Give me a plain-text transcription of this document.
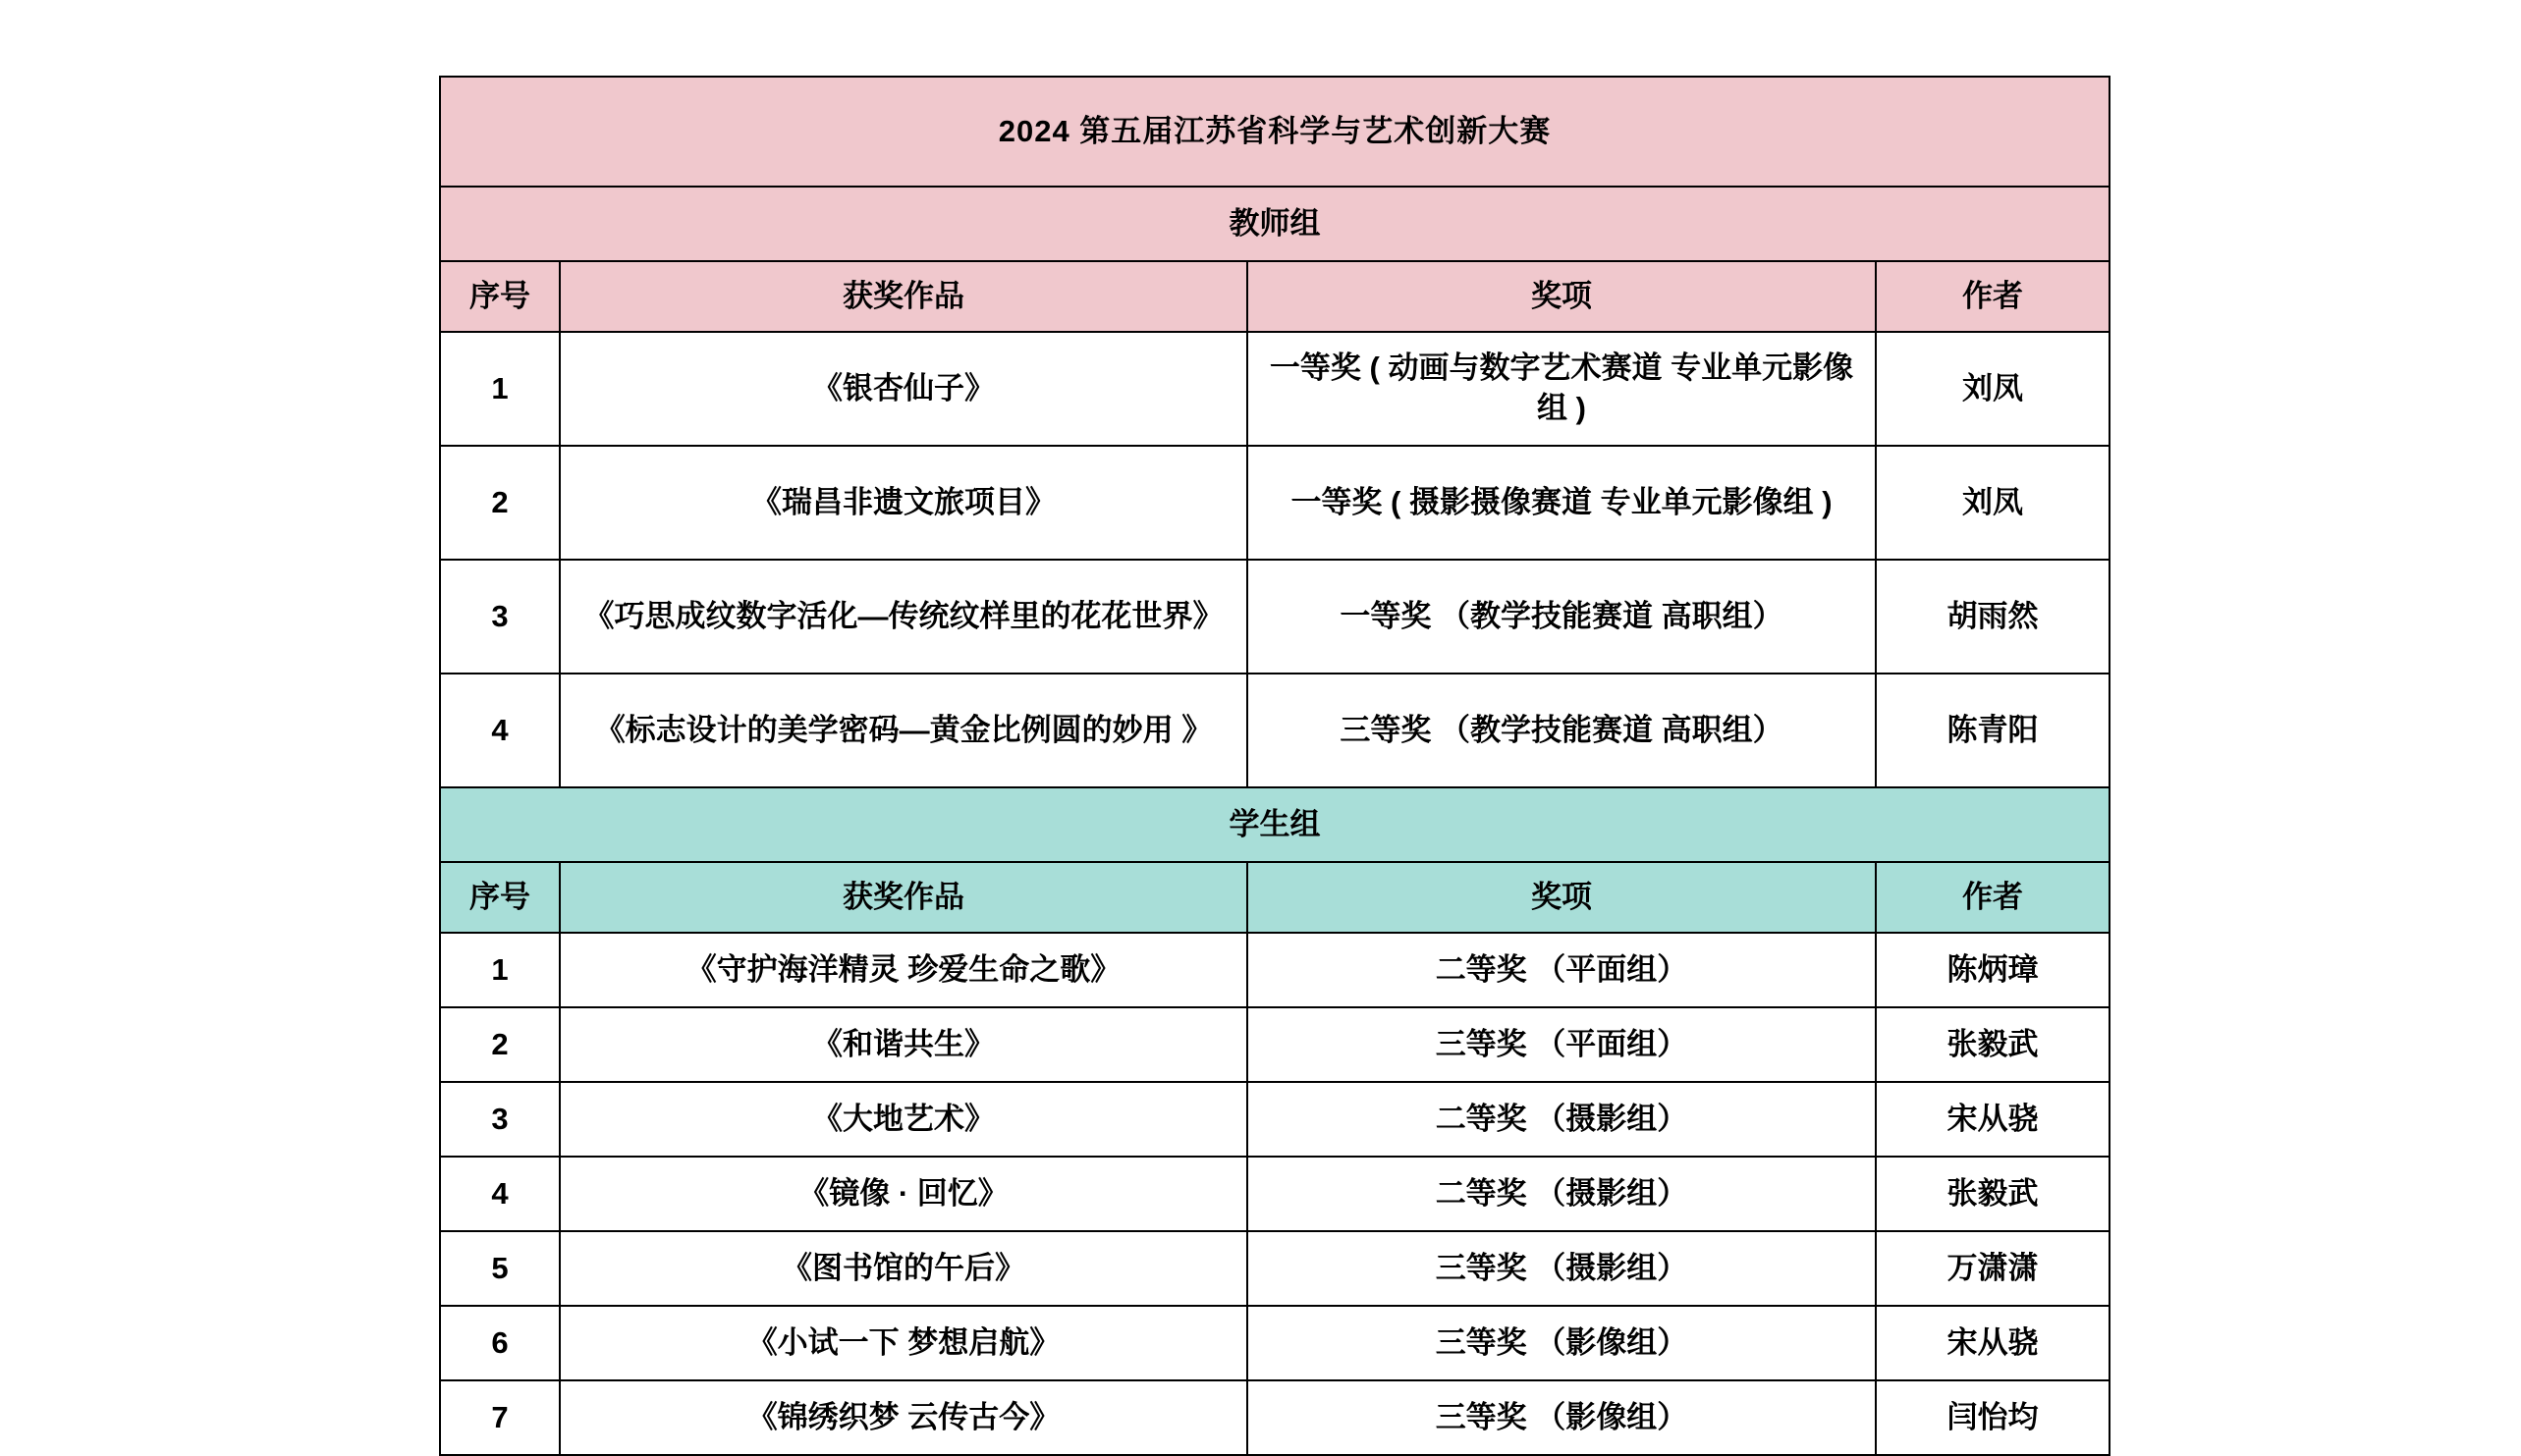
2024 第五届江苏省科学与艺术创新大赛			
教师组			
序号	获奖作品	奖项	作者
1	《银杏仙子》	一等奖 ( 动画与数字艺术赛道 专业单元影像组 )	刘凤
2	《瑞昌非遗文旅项目》	一等奖 ( 摄影摄像赛道 专业单元影像组 )	刘凤
3	《巧思成纹数字活化—传统纹样里的花花世界》	一等奖 （教学技能赛道 高职组）	胡雨然
4	《标志设计的美学密码—黄金比例圆的妙用 》	三等奖 （教学技能赛道 高职组）	陈青阳
学生组			
序号	获奖作品	奖项	作者
1	《守护海洋精灵 珍爱生命之歌》	二等奖 （平面组）	陈炳璋
2	《和谐共生》	三等奖 （平面组）	张毅武
3	《大地艺术》	二等奖 （摄影组）	宋从骁
4	《镜像 · 回忆》	二等奖 （摄影组）	张毅武
5	《图书馆的午后》	三等奖 （摄影组）	万潇潇
6	《小试一下 梦想启航》	三等奖 （影像组）	宋从骁
7	《锦绣织梦 云传古今》	三等奖 （影像组）	闫怡均
